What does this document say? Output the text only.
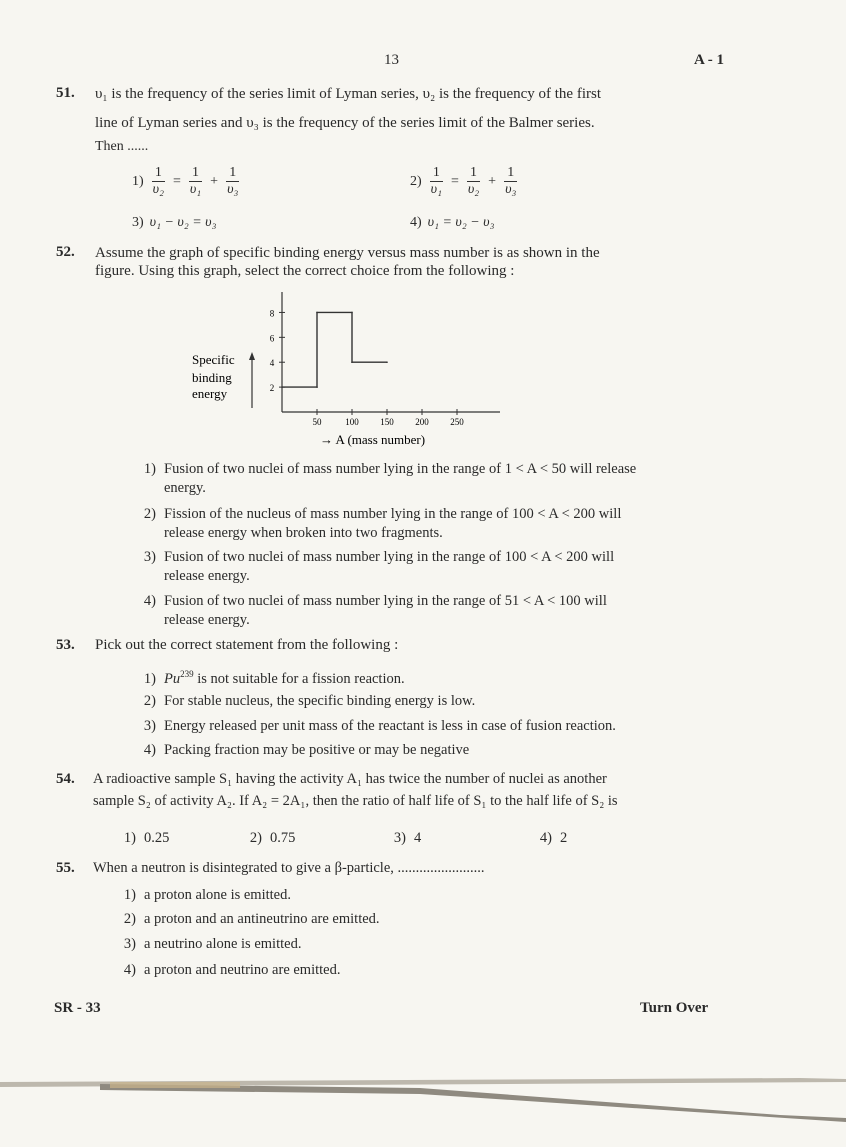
13	A - 1
51. υ₁ is the frequency of the series limit of Lyman series, υ₂ is the frequency of the first
line of Lyman series and υ₃ is the frequency of the series limit of the Balmer series.
Then ......
$1) \frac{1}{\text{υ₂}} = \frac{1}{\text{υ₁}} + \frac{1}{\text{υ₃}}$	$2) \frac{1}{\text{υ₁}} = \frac{1}{\text{υ₂}} + \frac{1}{\text{υ₃}}$
3) υ₁ − υ₂ = υ₃	4) υ₁ = υ₂ − υ₃
52. Assume the graph of specific binding energy versus mass number is as shown in the
figure. Using this graph, select the correct choice from the following :
Specific
binding
energy	2
4
6
8
50	100 150 200 250
→ A (mass number)
1) Fusion of two nuclei of mass number lying in the range of 1 < A < 50 will release
energy.
2) Fission of the nucleus of mass number lying in the range of 100 < A < 200 will
release energy when broken into two fragments.
3) Fusion of two nuclei of mass number lying in the range of 100 < A < 200 will
release energy.
4) Fusion of two nuclei of mass number lying in the range of 51 < A < 100 will
release energy.
53. Pick out the correct statement from the following :
1) Pu$^{239}$ is not suitable for a fission reaction.
2) For stable nucleus, the specific binding energy is low.
3) Energy released per unit mass of the reactant is less in case of fusion reaction.
4) Packing fraction may be positive or may be negative
54. A radioactive sample S₁ having the activity A₁ has twice the number of nuclei as another
sample S₂ of activity A₂. If A₂ = 2A₁, then the ratio of half life of S₁ to the half life of S₂ is
1) 0.25	2) 0.75	3) 4	4) 2
55. When a neutron is disintegrated to give a β-particle, ........................
1) a proton alone is emitted.
2) a proton and an antineutrino are emitted.
3) a neutrino alone is emitted.
4) a proton and neutrino are emitted.
SR - 33	Turn Over
